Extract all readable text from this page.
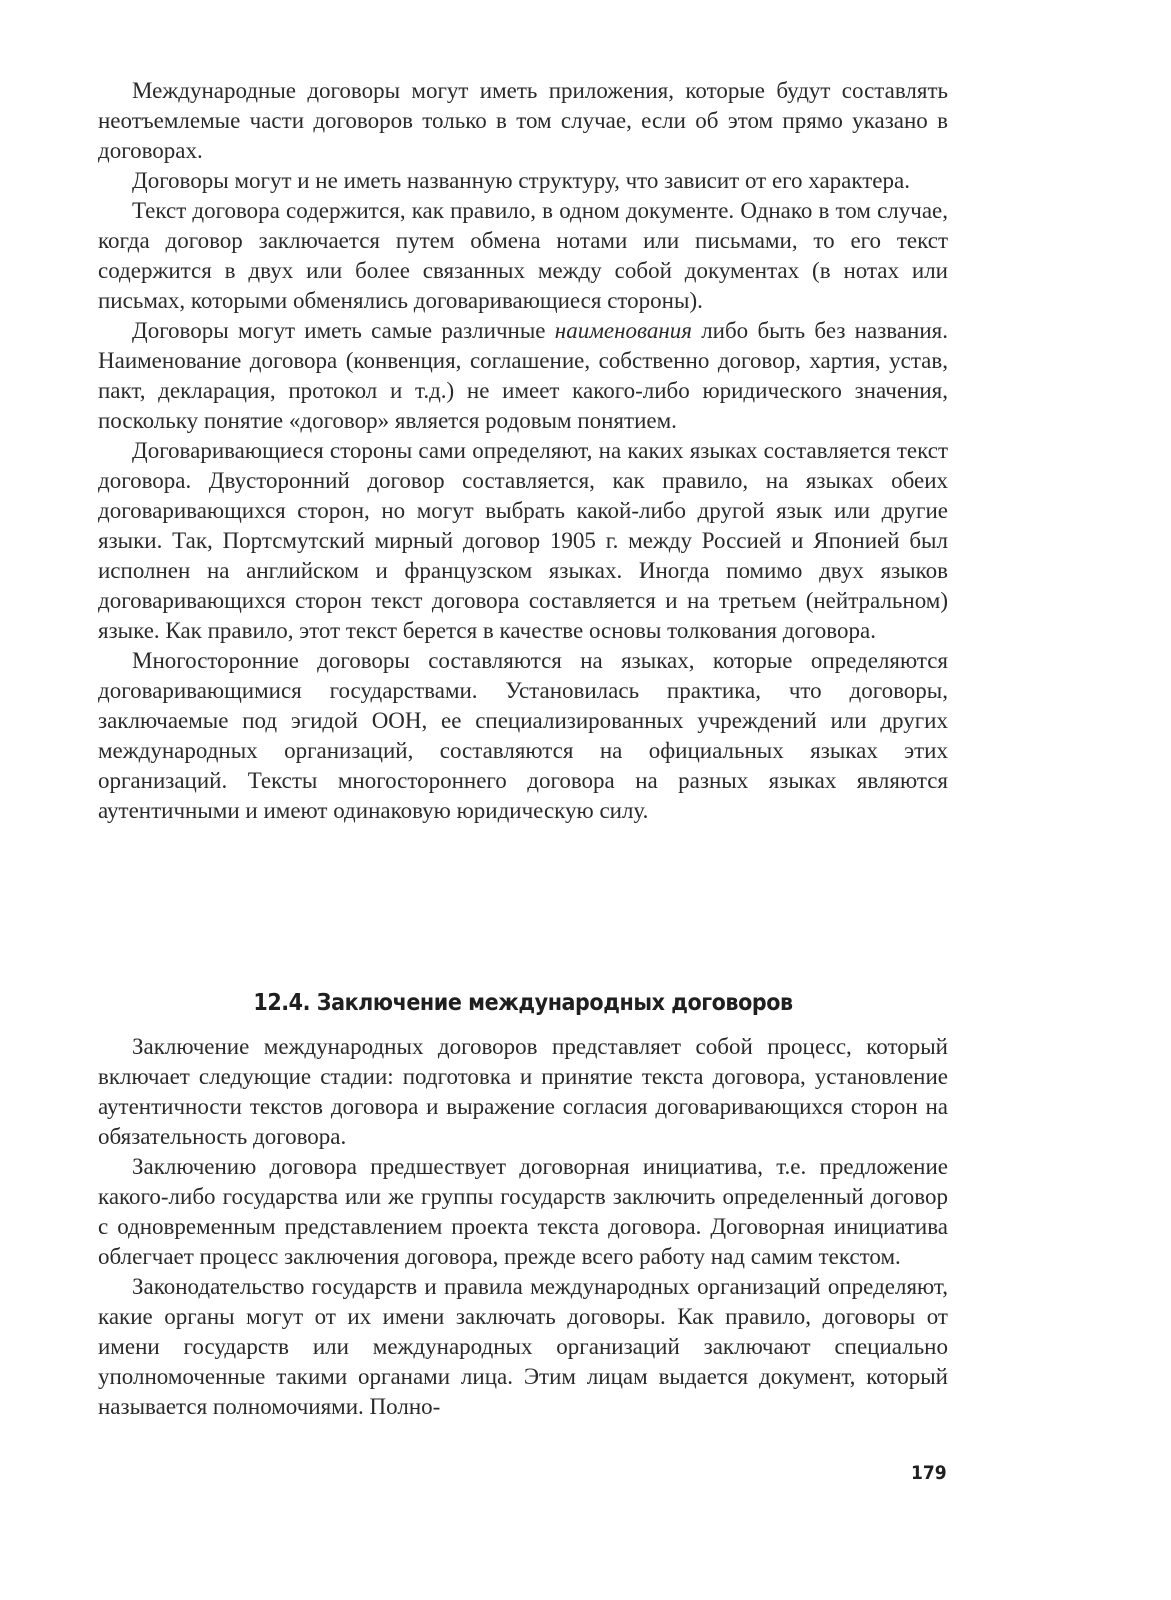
Международные договоры могут иметь приложения, которые будут составлять неотъемлемые части договоров только в том случае, если об этом прямо указано в договорах.

Договоры могут и не иметь названную структуру, что зависит от его характера.

Текст договора содержится, как правило, в одном документе. Однако в том случае, когда договор заключается путем обмена нотами или письмами, то его текст содержится в двух или более связанных между собой документах (в нотах или письмах, которыми обменялись договаривающиеся стороны).

Договоры могут иметь самые различные наименования либо быть без названия. Наименование договора (конвенция, соглашение, собственно договор, хартия, устав, пакт, декларация, протокол и т.д.) не имеет какого-либо юридического значения, поскольку понятие «договор» является родовым понятием.

Договаривающиеся стороны сами определяют, на каких языках составляется текст договора. Двусторонний договор составляется, как правило, на языках обеих договаривающихся сторон, но могут выбрать какой-либо другой язык или другие языки. Так, Портсмутский мирный договор 1905 г. между Россией и Японией был исполнен на английском и французском языках. Иногда помимо двух языков договаривающихся сторон текст договора составляется и на третьем (нейтральном) языке. Как правило, этот текст берется в качестве основы толкования договора.

Многосторонние договоры составляются на языках, которые определяются договаривающимися государствами. Установилась практика, что договоры, заключаемые под эгидой ООН, ее специализированных учреждений или других международных организаций, составляются на официальных языках этих организаций. Тексты многостороннего договора на разных языках являются аутентичными и имеют одинаковую юридическую силу.

12.4. Заключение международных договоров

Заключение международных договоров представляет собой процесс, который включает следующие стадии: подготовка и принятие текста договора, установление аутентичности текстов договора и выражение согласия договаривающихся сторон на обязательность договора.

Заключению договора предшествует договорная инициатива, т.е. предложение какого-либо государства или же группы государств заключить определенный договор с одновременным представлением проекта текста договора. Договорная инициатива облегчает процесс заключения договора, прежде всего работу над самим текстом.

Законодательство государств и правила международных организаций определяют, какие органы могут от их имени заключать договоры. Как правило, договоры от имени государств или международных организаций заключают специально уполномоченные такими органами лица. Этим лицам выдается документ, который называется полномочиями. Полно-

179
